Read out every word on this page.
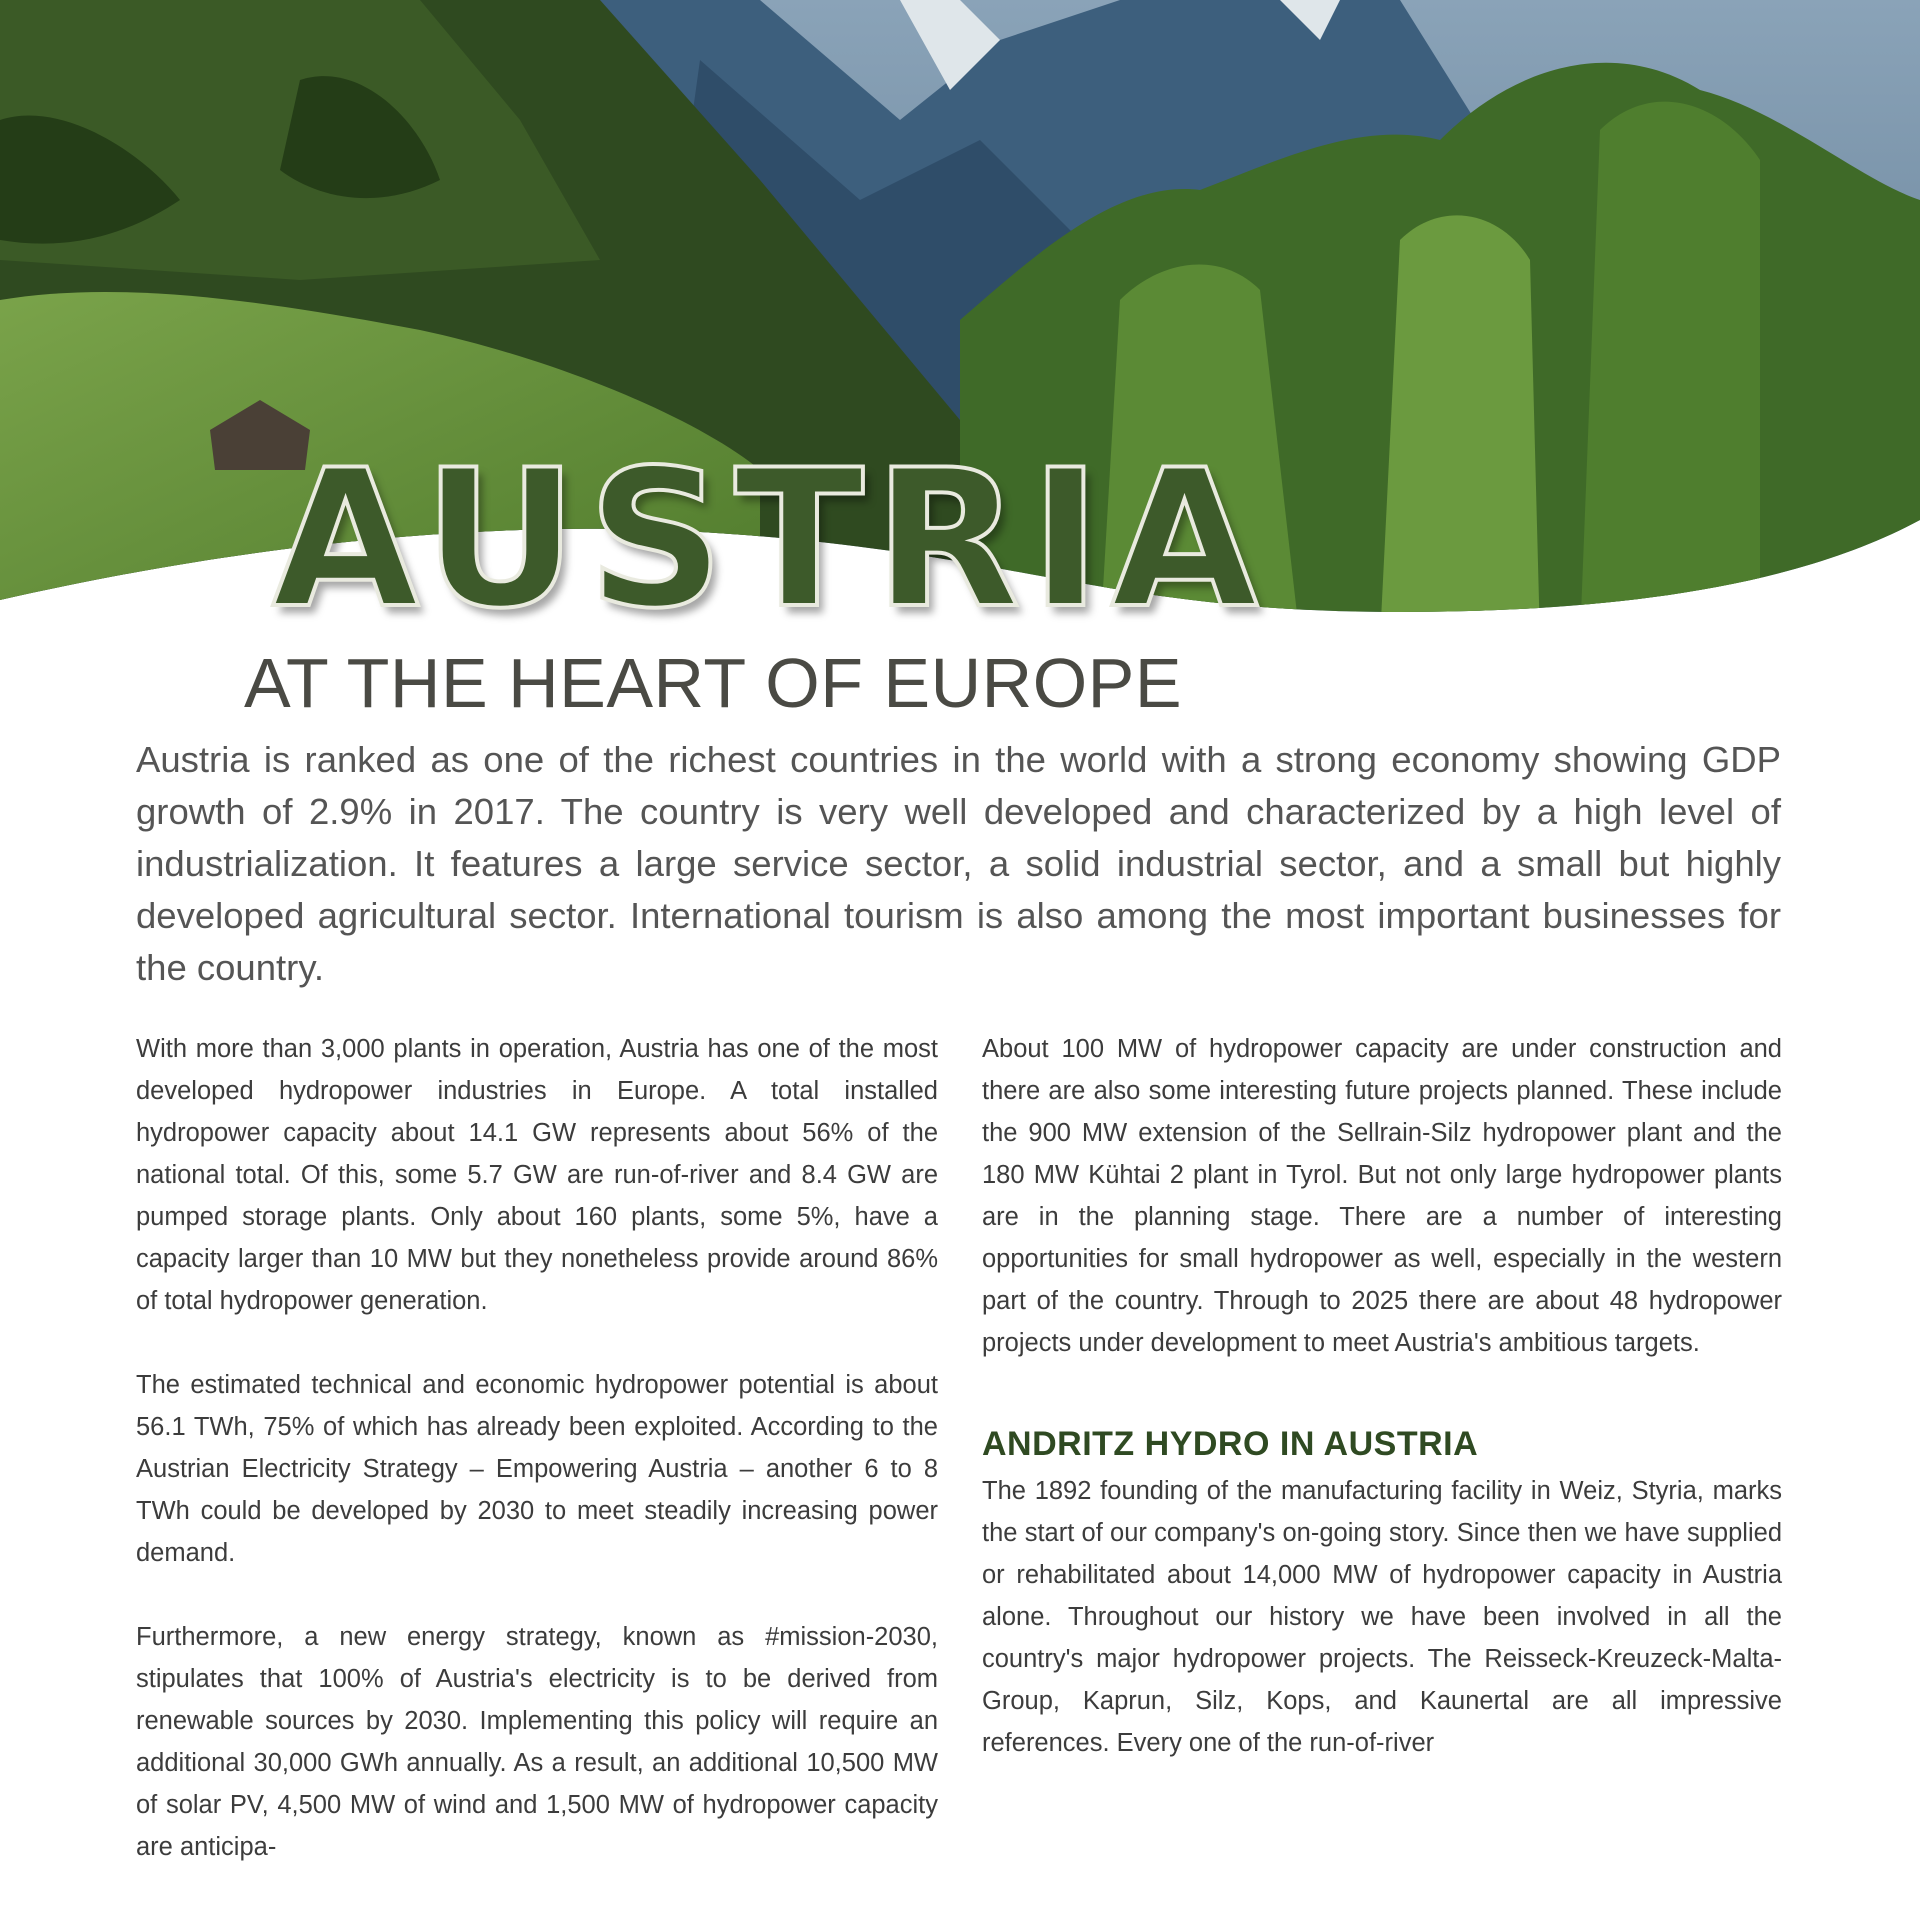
AUSTRIA
AT THE HEART OF EUROPE

Austria is ranked as one of the richest countries in the world with a strong economy showing GDP growth of 2.9% in 2017. The country is very well developed and characterized by a high level of industrialization. It features a large service sector, a solid industrial sector, and a small but highly developed agricultural sector. International tourism is also among the most important businesses for the country.

With more than 3,000 plants in operation, Austria has one of the most developed hydropower industries in Europe. A total installed hydropower capacity about 14.1 GW represents about 56% of the national total. Of this, some 5.7 GW are run-of-river and 8.4 GW are pumped storage plants. Only about 160 plants, some 5%, have a capacity larger than 10 MW but they nonetheless provide around 86% of total hydropower generation.

The estimated technical and economic hydropower potential is about 56.1 TWh, 75% of which has already been exploited. According to the Austrian Electricity Strategy – Empowering Austria – another 6 to 8 TWh could be developed by 2030 to meet steadily increasing power demand.

Furthermore, a new energy strategy, known as #mission-2030, stipulates that 100% of Austria's electricity is to be derived from renewable sources by 2030. Implementing this policy will require an additional 30,000 GWh annually. As a result, an additional 10,500 MW of solar PV, 4,500 MW of wind and 1,500 MW of hydropower capacity are anticipa-

About 100 MW of hydropower capacity are under construction and there are also some interesting future projects planned. These include the 900 MW extension of the Sellrain-Silz hydropower plant and the 180 MW Kühtai 2 plant in Tyrol. But not only large hydropower plants are in the planning stage. There are a number of interesting opportunities for small hydropower as well, especially in the western part of the country. Through to 2025 there are about 48 hydropower projects under development to meet Austria's ambitious targets.

ANDRITZ HYDRO IN AUSTRIA

The 1892 founding of the manufacturing facility in Weiz, Styria, marks the start of our company's on-going story. Since then we have supplied or rehabilitated about 14,000 MW of hydropower capacity in Austria alone. Throughout our history we have been involved in all the country's major hydropower projects. The Reisseck-Kreuzeck-Malta-Group, Kaprun, Silz, Kops, and Kaunertal are all impressive references. Every one of the run-of-river
